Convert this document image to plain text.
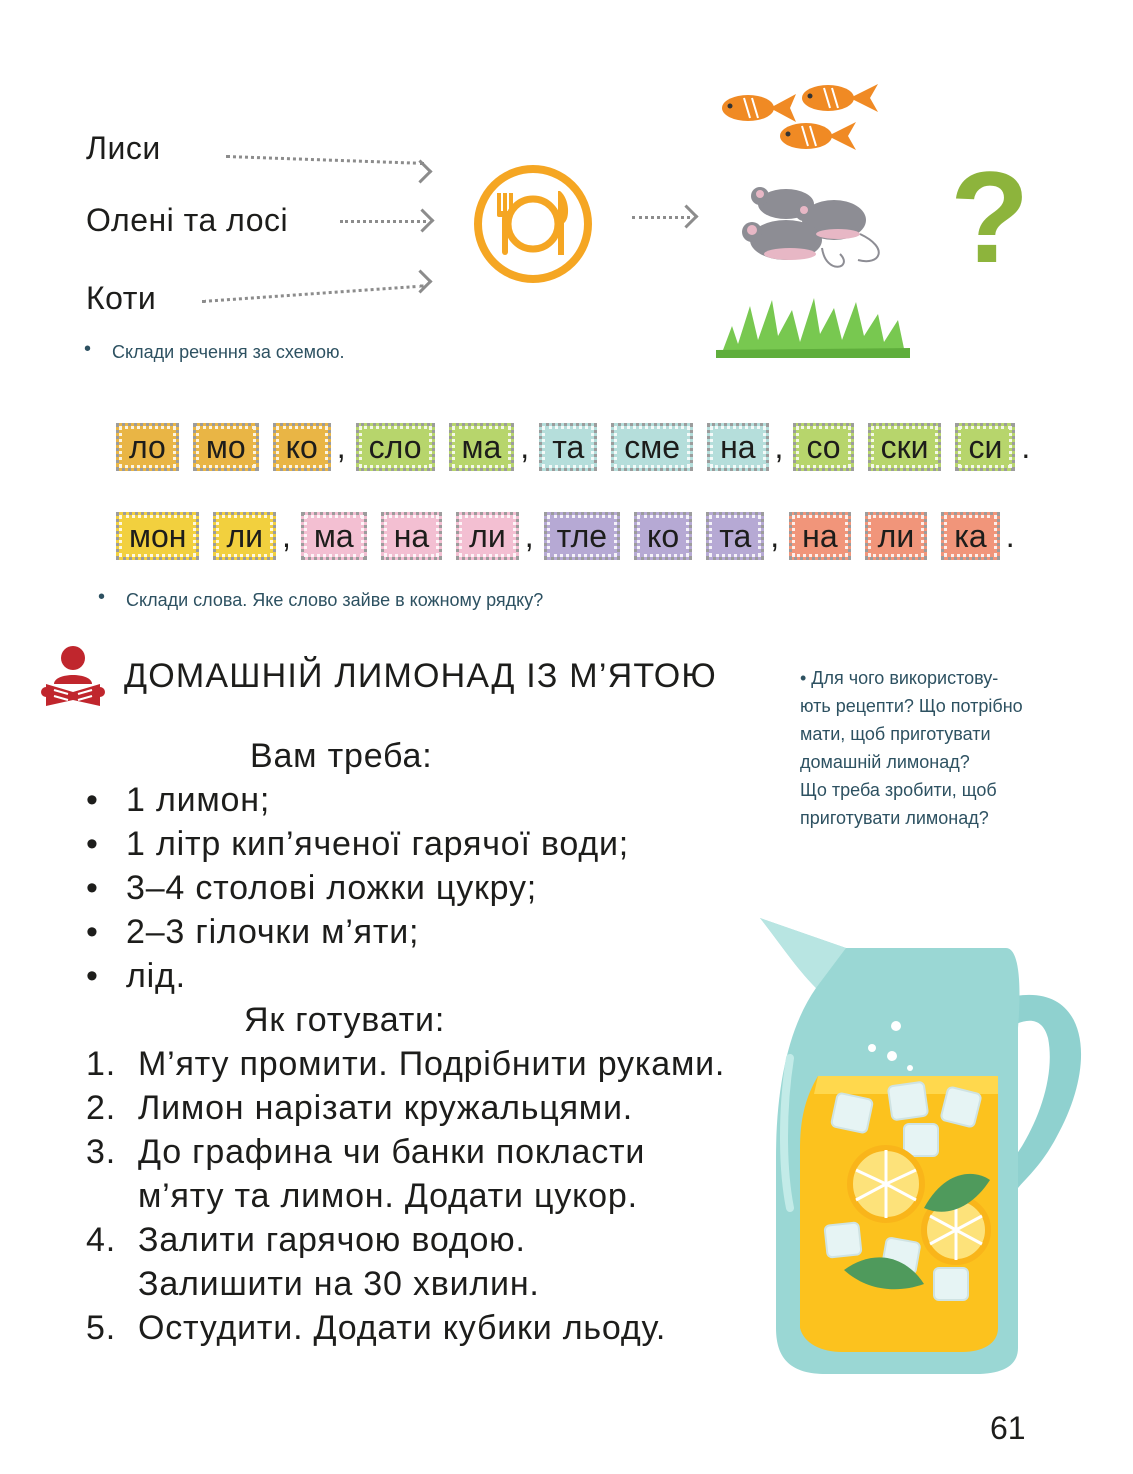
Лиси
Олені та лосі
Коти
?
• Склади речення за схемою.
ло	мо	ко , сло	ма , та	сме	на , со	ски	си .
мон	ли , ма	на	ли , тле	ко	та , на	ли	ка .
• Склади слова. Яке слово зайве в кожному рядку?
ДОМАШНІЙ ЛИМОНАД ІЗ М’ЯТОЮ	• Для чого використову-
ють рецепти? Що потрібно
мати, щоб приготувати
домашній лимонад?
Що треба зробити, щоб
приготувати лимонад?
Вам треба:
• 1 лимон;
• 1 літр кип’яченої гарячої води;
• 3–4 столові ложки цукру;
• 2–3 гілочки м’яти;
• лід.
Як готувати:
1. М’яту промити. Подрібнити руками.
2. Лимон нарізати кружальцями.
3. До графина чи банки покласти
м’яту та лимон. Додати цукор.
4. Залити гарячою водою.
Залишити на 30 хвилин.
5. Остудити. Додати кубики льоду.
61
